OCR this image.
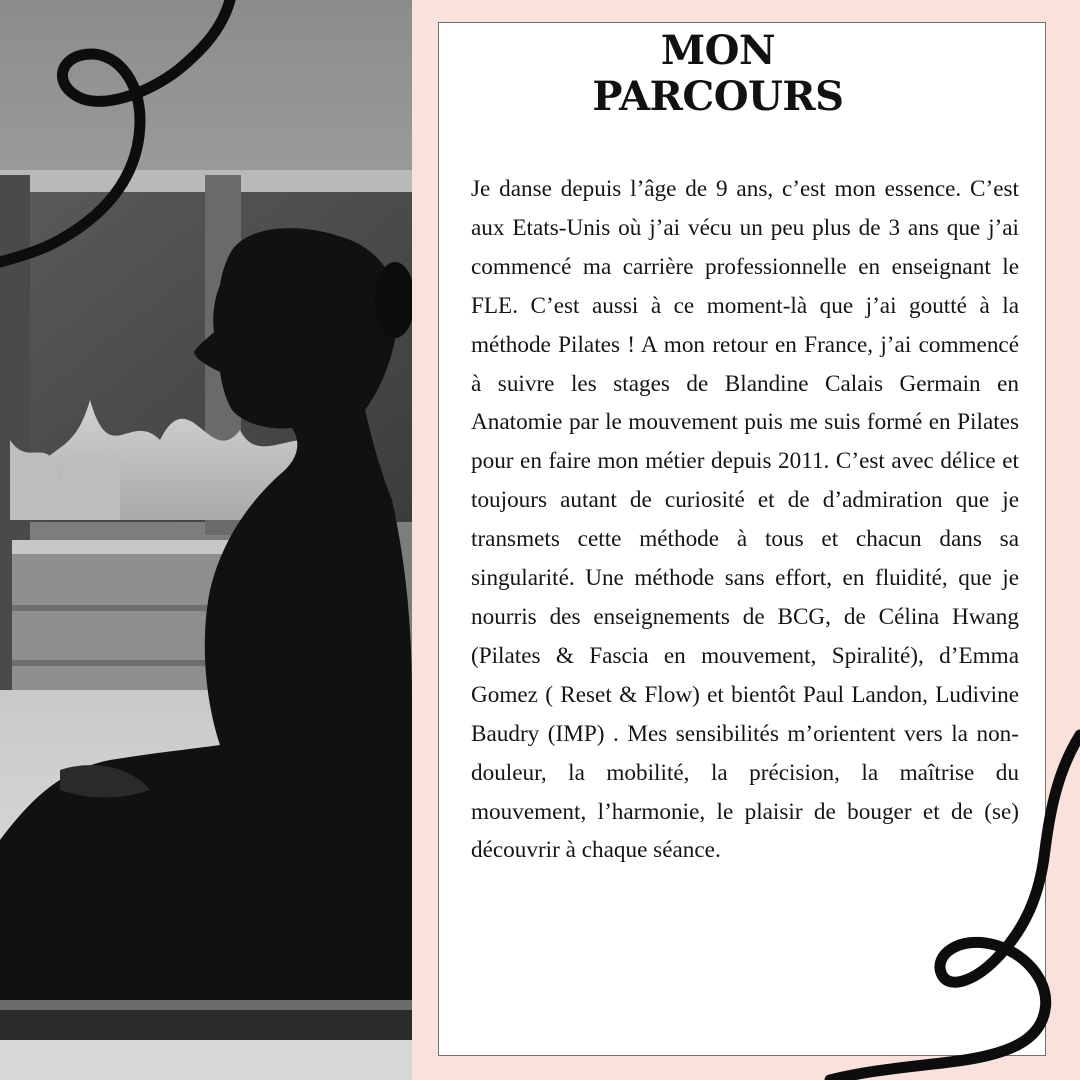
MON
PARCOURS

Je danse depuis l’âge de 9 ans, c’est mon essence. C’est aux Etats-Unis où j’ai vécu un peu plus de 3 ans que j’ai commencé ma carrière professionnelle en enseignant le FLE. C’est aussi à ce moment-là que j’ai goutté à la méthode Pilates ! A mon retour en France, j’ai commencé à suivre les stages de Blandine Calais Germain en Anatomie par le mouvement puis me suis formé en Pilates pour en faire mon métier depuis 2011. C’est avec délice et toujours autant de curiosité et de d’admiration que je transmets cette méthode à tous et chacun dans sa singularité. Une méthode sans effort, en fluidité, que je nourris des enseignements de BCG, de Célina Hwang (Pilates & Fascia en mouvement, Spiralité), d’Emma Gomez ( Reset & Flow) et bientôt Paul Landon, Ludivine Baudry (IMP) . Mes sensibilités m’orientent vers la non-douleur, la mobilité, la précision, la maîtrise du mouvement, l’harmonie, le plaisir de bouger et de (se) découvrir à chaque séance.
